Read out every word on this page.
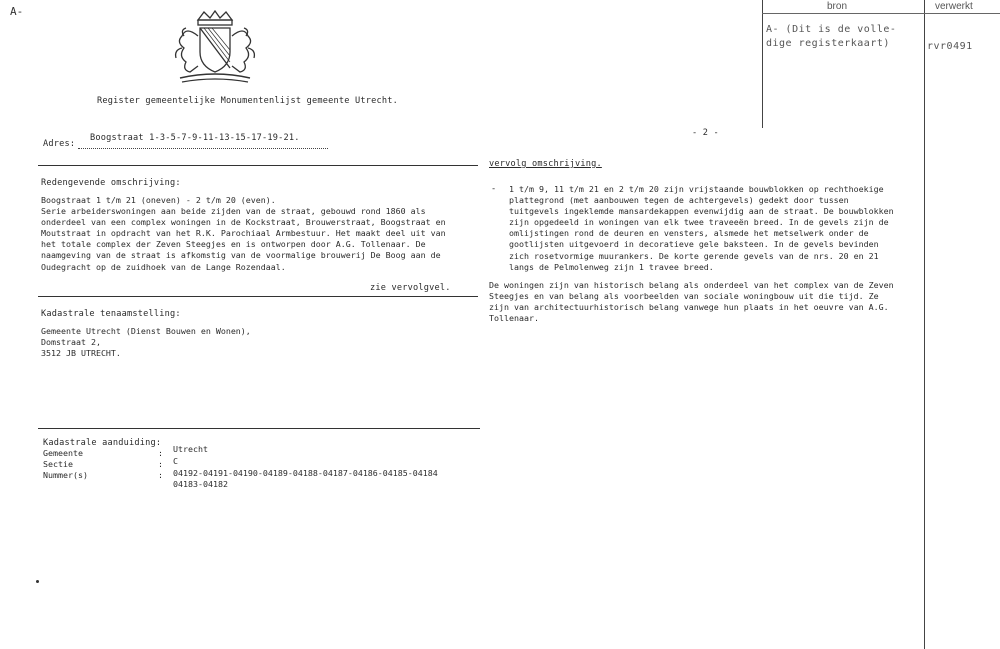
A-	bron	verwerkt
A- (Dit is de volle-
dige registerkaart)	rvr0491
Register gemeentelijke Monumentenlijst gemeente Utrecht.
Adres:
Boogstraat 1-3-5-7-9-11-13-15-17-19-21.	- 2 -
Redengevende omschrijving:
Boogstraat 1 t/m 21 (oneven) - 2 t/m 20 (even).
Serie arbeiderswoningen aan beide zijden van de straat, gebouwd rond 1860 als
onderdeel van een complex woningen in de Kockstraat, Brouwerstraat, Boogstraat en
Moutstraat in opdracht van het R.K. Parochiaal Armbestuur. Het maakt deel uit van
het totale complex der Zeven Steegjes en is ontworpen door A.G. Tollenaar. De
naamgeving van de straat is afkomstig van de voormalige brouwerij De Boog aan de
Oudegracht op de zuidhoek van de Lange Rozendaal.
zie vervolgvel.
Kadastrale tenaamstelling:
Gemeente Utrecht (Dienst Bouwen en Wonen),
Domstraat 2,
3512 JB UTRECHT.
Kadastrale aanduiding:
Gemeente	: Utrecht
Sectie	: C
Nummer(s)	: 04192-04191-04190-04189-04188-04187-04186-04185-04184
04183-04182
vervolg omschrijving.
- 1 t/m 9, 11 t/m 21 en 2 t/m 20 zijn vrijstaande bouwblokken op rechthoekige
plattegrond (met aanbouwen tegen de achtergevels) gedekt door tussen
tuitgevels ingeklemde mansardekappen evenwijdig aan de straat. De bouwblokken
zijn opgedeeld in woningen van elk twee traveeën breed. In de gevels zijn de
omlijstingen rond de deuren en vensters, alsmede het metselwerk onder de
gootlijsten uitgevoerd in decoratieve gele baksteen. In de gevels bevinden
zich rosetvormige muurankers. De korte gerende gevels van de nrs. 20 en 21
langs de Pelmolenweg zijn 1 travee breed.
De woningen zijn van historisch belang als onderdeel van het complex van de Zeven
Steegjes en van belang als voorbeelden van sociale woningbouw uit die tijd. Ze
zijn van architectuurhistorisch belang vanwege hun plaats in het oeuvre van A.G.
Tollenaar.
